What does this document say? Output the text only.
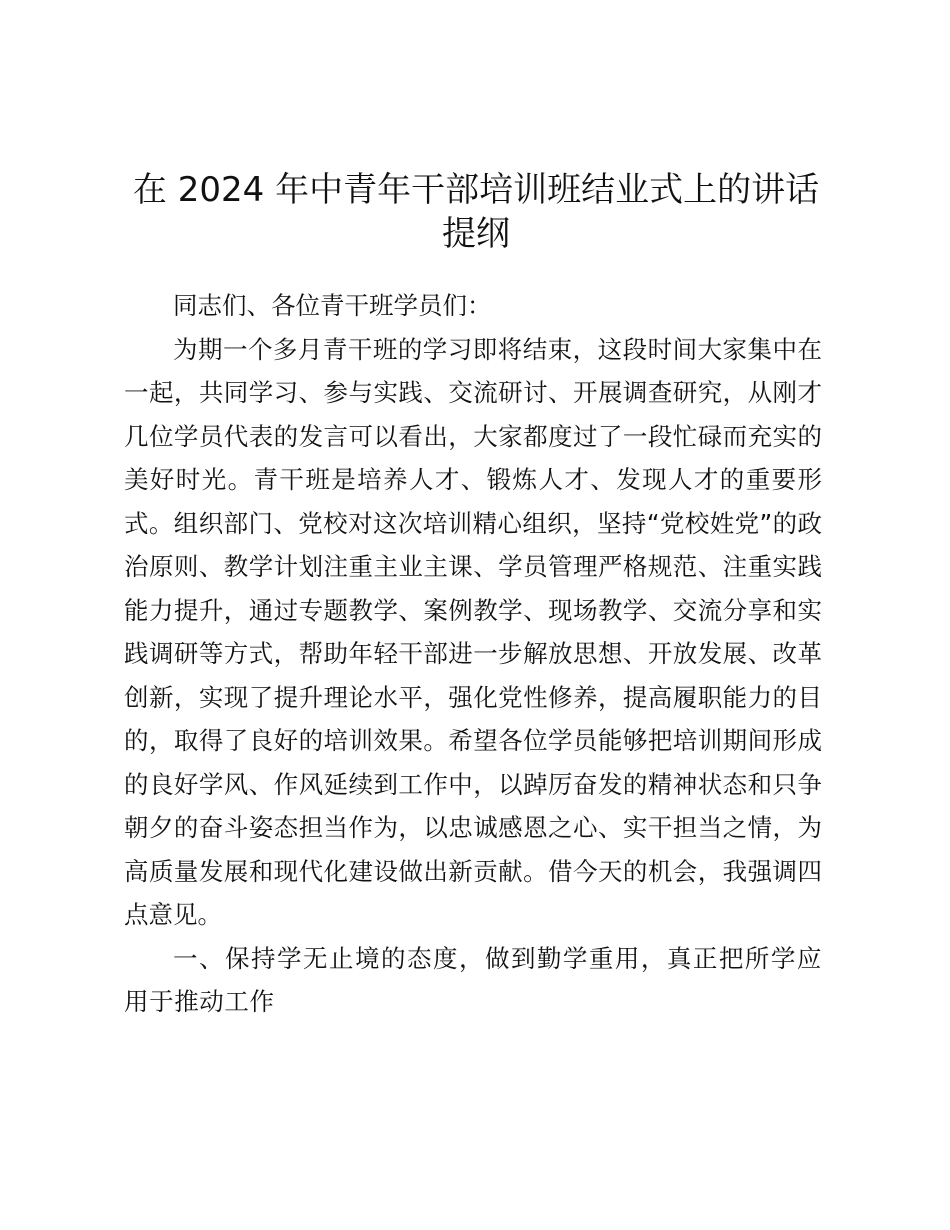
在 2024 年中青年干部培训班结业式上的讲话提纲

同志们、各位青干班学员们：

为期一个多月青干班的学习即将结束，这段时间大家集中在一起，共同学习、参与实践、交流研讨、开展调查研究，从刚才几位学员代表的发言可以看出，大家都度过了一段忙碌而充实的美好时光。青干班是培养人才、锻炼人才、发现人才的重要形式。组织部门、党校对这次培训精心组织，坚持“党校姓党”的政治原则、教学计划注重主业主课、学员管理严格规范、注重实践能力提升，通过专题教学、案例教学、现场教学、交流分享和实践调研等方式，帮助年轻干部进一步解放思想、开放发展、改革创新，实现了提升理论水平，强化党性修养，提高履职能力的目的，取得了良好的培训效果。希望各位学员能够把培训期间形成的良好学风、作风延续到工作中，以踔厉奋发的精神状态和只争朝夕的奋斗姿态担当作为，以忠诚感恩之心、实干担当之情，为高质量发展和现代化建设做出新贡献。借今天的机会，我强调四点意见。

一、保持学无止境的态度，做到勤学重用，真正把所学应用于推动工作
